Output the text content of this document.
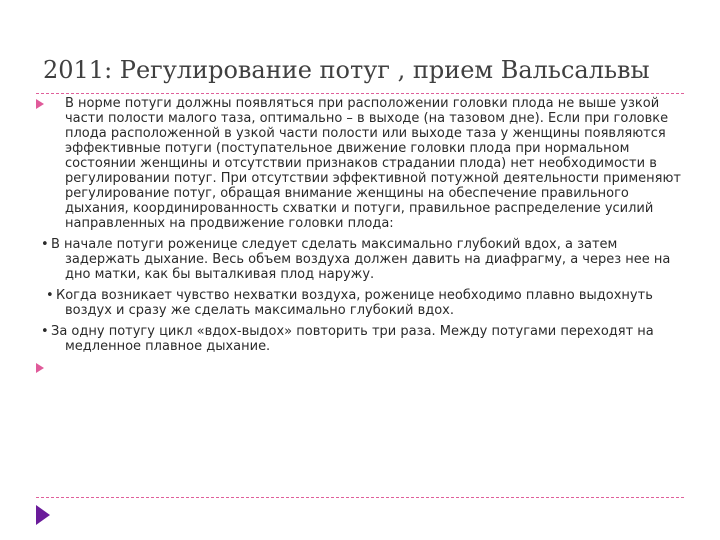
2011: Регулирование потуг , прием Вальсальвы
В норме потуги должны появляться при расположении головки плода не выше узкой части полости малого таза, оптимально – в выходе (на тазовом дне). Если при головке плода расположенной в узкой части полости или выходе таза у женщины появляются эффективные потуги (поступательное движение головки плода при нормальном состоянии женщины и отсутствии признаков страдании плода) нет необходимости в регулировании потуг. При отсутствии эффективной потужной деятельности применяют регулирование потуг, обращая внимание женщины на обеспечение правильного дыхания, координированность схватки и потуги, правильное распределение усилий направленных на продвижение головки плода:
• В начале потуги роженице следует сделать максимально глубокий вдох, а затем задержать дыхание. Весь объем воздуха должен давить на диафрагму, а через нее на дно матки, как бы выталкивая плод наружу.
• Когда возникает чувство нехватки воздуха, роженице необходимо плавно выдохнуть воздух и сразу же сделать максимально глубокий вдох.
• За одну потугу цикл «вдох-выдох» повторить три раза. Между потугами переходят на медленное плавное дыхание.
